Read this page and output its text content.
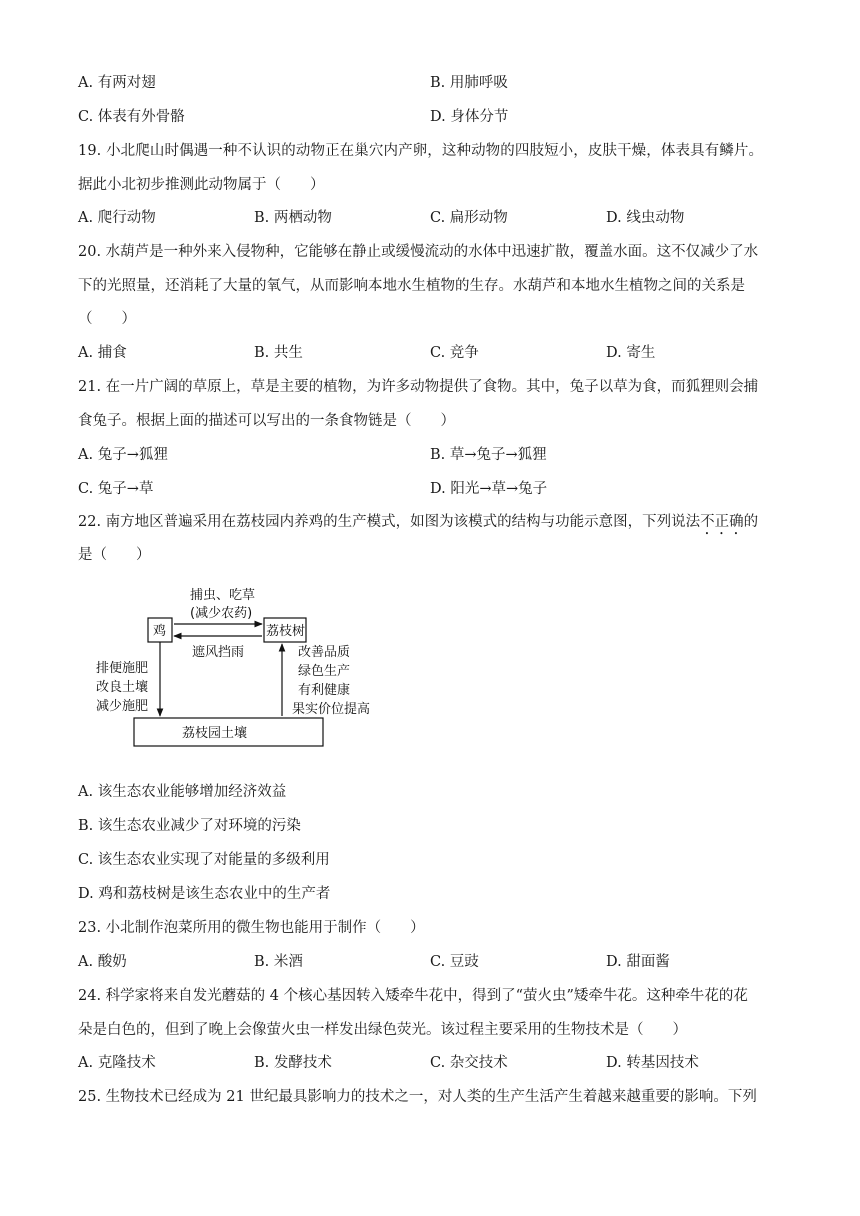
A. 有两对翅	B. 用肺呼吸
C. 体表有外骨骼	D. 身体分节
19. 小北爬山时偶遇一种不认识的动物正在巢穴内产卵，这种动物的四肢短小，皮肤干燥，体表具有鳞片。
据此小北初步推测此动物属于（　　）
A. 爬行动物	B. 两栖动物	C. 扁形动物	D. 线虫动物
20. 水葫芦是一种外来入侵物种，它能够在静止或缓慢流动的水体中迅速扩散，覆盖水面。这不仅减少了水
下的光照量，还消耗了大量的氧气，从而影响本地水生植物的生存。水葫芦和本地水生植物之间的关系是
（　　）
A. 捕食	B. 共生	C. 竞争	D. 寄生
21. 在一片广阔的草原上，草是主要的植物，为许多动物提供了食物。其中，兔子以草为食，而狐狸则会捕
食兔子。根据上面的描述可以写出的一条食物链是（　　）
A. 兔子→狐狸	B. 草→兔子→狐狸
C. 兔子→草	D. 阳光→草→兔子
22. 南方地区普遍采用在荔枝园内养鸡的生产模式，如图为该模式的结构与功能示意图，下列说法不正确的
是（　　）
捕虫、吃草
(减少农药)
鸡	荔枝树
遮风挡雨
排便施肥
改良土壤
减少施肥
改善品质
绿色生产
有利健康
果实价位提高
荔枝园土壤
A. 该生态农业能够增加经济效益
B. 该生态农业减少了对环境的污染
C. 该生态农业实现了对能量的多级利用
D. 鸡和荔枝树是该生态农业中的生产者
23. 小北制作泡菜所用的微生物也能用于制作（　　）
A. 酸奶	B. 米酒	C. 豆豉	D. 甜面酱
24. 科学家将来自发光蘑菇的 4 个核心基因转入矮牵牛花中，得到了“萤火虫”矮牵牛花。这种牵牛花的花
朵是白色的，但到了晚上会像萤火虫一样发出绿色荧光。该过程主要采用的生物技术是（　　）
A. 克隆技术	B. 发酵技术	C. 杂交技术	D. 转基因技术
25. 生物技术已经成为 21 世纪最具影响力的技术之一，对人类的生产生活产生着越来越重要的影响。下列
